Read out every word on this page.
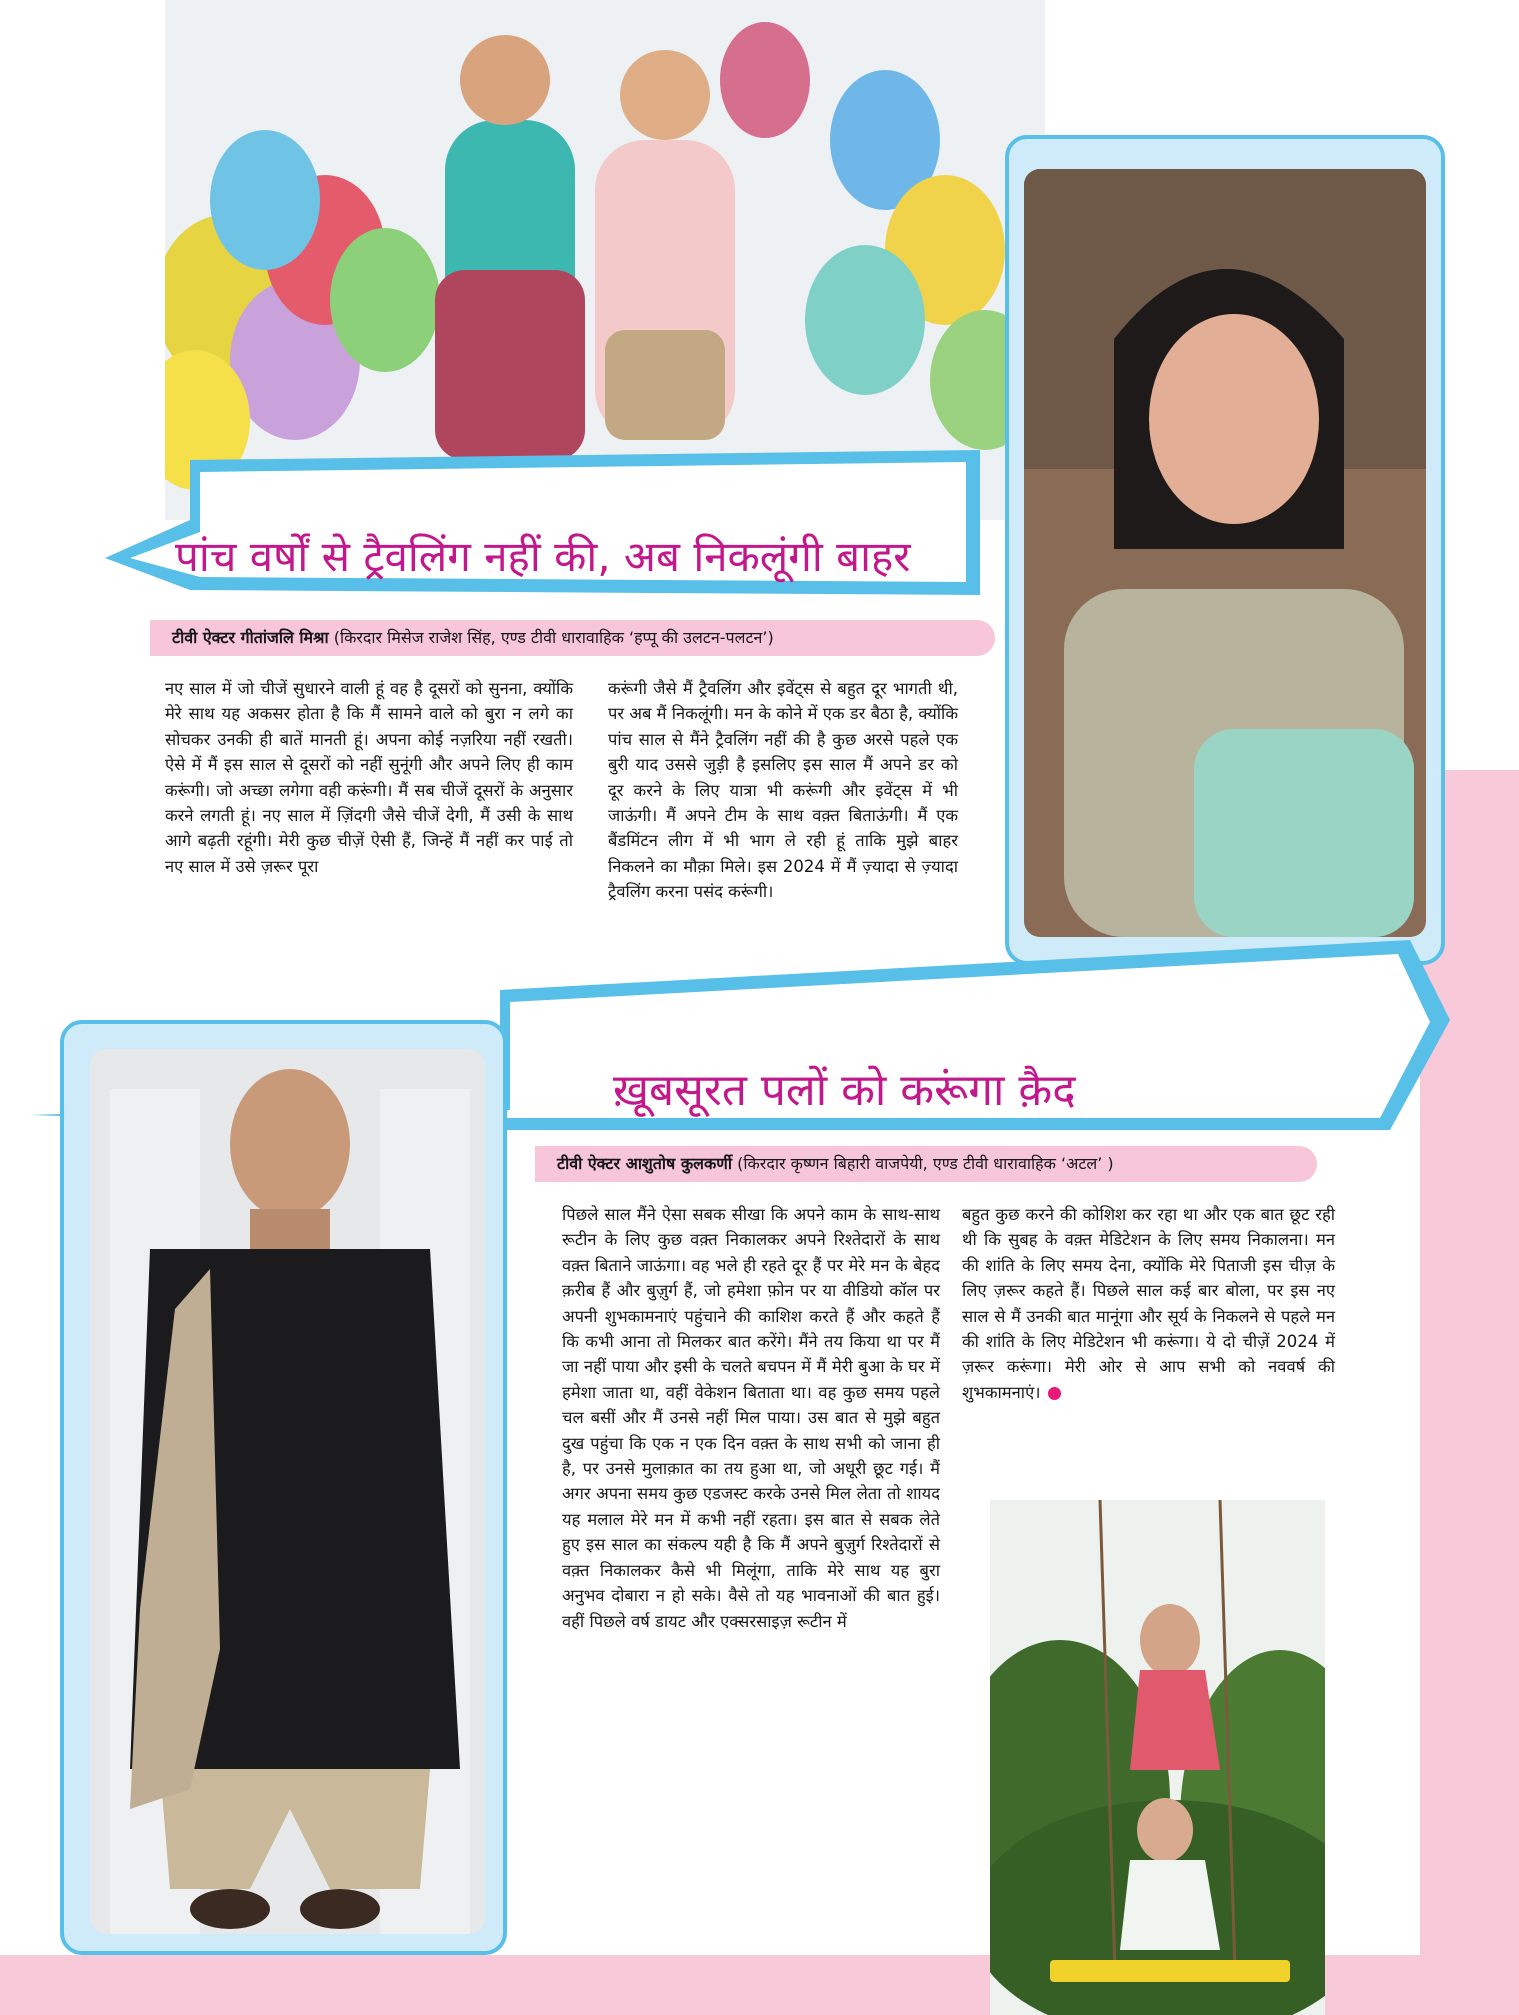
पांच वर्षों से ट्रैवलिंग नहीं की, अब निकलूंगी बाहर
टीवी ऐक्टर गीतांजलि मिश्रा (किरदार मिसेज राजेश सिंह, एण्ड टीवी धारावाहिक ‘हप्पू की उलटन-पलटन’)

नए साल में जो चीजें सुधारने वाली हूं वह है दूसरों को सुनना, क्योंकि मेरे साथ यह अकसर होता है कि मैं सामने वाले को बुरा न लगे का सोचकर उनकी ही बातें मानती हूं। अपना कोई नज़रिया नहीं रखती। ऐसे में मैं इस साल से दूसरों को नहीं सुनूंगी और अपने लिए ही काम करूंगी। जो अच्छा लगेगा वही करूंगी। मैं सब चीजें दूसरों के अनुसार करने लगती हूं। नए साल में ज़िंदगी जैसे चीजें देगी, मैं उसी के साथ आगे बढ़ती रहूंगी। मेरी कुछ चीज़ें ऐसी हैं, जिन्हें मैं नहीं कर पाई तो नए साल में उसे ज़रूर पूरा

करूंगी जैसे मैं ट्रैवलिंग और इवेंट्स से बहुत दूर भागती थी, पर अब मैं निकलूंगी। मन के कोने में एक डर बैठा है, क्योंकि पांच साल से मैंने ट्रैवलिंग नहीं की है कुछ अरसे पहले एक बुरी याद उससे जुड़ी है इसलिए इस साल मैं अपने डर को दूर करने के लिए यात्रा भी करूंगी और इवेंट्स में भी जाऊंगी। मैं अपने टीम के साथ वक़्त बिताऊंगी। मैं एक बैंडमिंटन लीग में भी भाग ले रही हूं ताकि मुझे बाहर निकलने का मौक़ा मिले। इस 2024 में मैं ज़्यादा से ज़्यादा ट्रैवलिंग करना पसंद करूंगी।

ख़ूबसूरत पलों को करूंगा क़ैद
टीवी ऐक्टर आशुतोष कुलकर्णी (किरदार कृष्णन बिहारी वाजपेयी, एण्ड टीवी धारावाहिक ‘अटल’ )

पिछले साल मैंने ऐसा सबक सीखा कि अपने काम के साथ-साथ रूटीन के लिए कुछ वक़्त निकालकर अपने रिश्तेदारों के साथ वक़्त बिताने जाऊंगा। वह भले ही रहते दूर हैं पर मेरे मन के बेहद क़रीब हैं और बुज़ुर्ग हैं, जो हमेशा फ़ोन पर या वीडियो कॉल पर अपनी शुभकामनाएं पहुंचाने की काशिश करते हैं और कहते हैं कि कभी आना तो मिलकर बात करेंगे। मैंने तय किया था पर मैं जा नहीं पाया और इसी के चलते बचपन में मैं मेरी बुआ के घर में हमेशा जाता था, वहीं वेकेशन बिताता था। वह कुछ समय पहले चल बसीं और मैं उनसे नहीं मिल पाया। उस बात से मुझे बहुत दुख पहुंचा कि एक न एक दिन वक़्त के साथ सभी को जाना ही है, पर उनसे मुलाक़ात का तय हुआ था, जो अधूरी छूट गई। मैं अगर अपना समय कुछ एडजस्ट करके उनसे मिल लेता तो शायद यह मलाल मेरे मन में कभी नहीं रहता। इस बात से सबक लेते हुए इस साल का संकल्प यही है कि मैं अपने बुज़ुर्ग रिश्तेदारों से वक़्त निकालकर कैसे भी मिलूंगा, ताकि मेरे साथ यह बुरा अनुभव दोबारा न हो सके। वैसे तो यह भावनाओं की बात हुई। वहीं पिछले वर्ष डायट और एक्सरसाइज़ रूटीन में

बहुत कुछ करने की कोशिश कर रहा था और एक बात छूट रही थी कि सुबह के वक़्त मेडिटेशन के लिए समय निकालना। मन की शांति के लिए समय देना, क्योंकि मेरे पिताजी इस चीज़ के लिए ज़रूर कहते हैं। पिछले साल कई बार बोला, पर इस नए साल से मैं उनकी बात मानूंगा और सूर्य के निकलने से पहले मन की शांति के लिए मेडिटेशन भी करूंगा। ये दो चीज़ें 2024 में ज़रूर करूंगा। मेरी ओर से आप सभी को नववर्ष की शुभकामनाएं।
